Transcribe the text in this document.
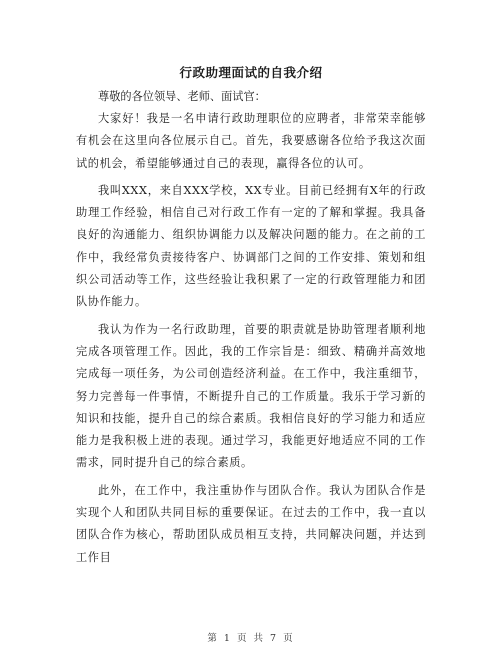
行政助理面试的自我介绍

尊敬的各位领导、老师、面试官：

大家好！我是一名申请行政助理职位的应聘者，非常荣幸能够有机会在这里向各位展示自己。首先，我要感谢各位给予我这次面试的机会，希望能够通过自己的表现，赢得各位的认可。

我叫XXX，来自XXX学校，XX专业。目前已经拥有X年的行政助理工作经验，相信自己对行政工作有一定的了解和掌握。我具备良好的沟通能力、组织协调能力以及解决问题的能力。在之前的工作中，我经常负责接待客户、协调部门之间的工作安排、策划和组织公司活动等工作，这些经验让我积累了一定的行政管理能力和团队协作能力。

我认为作为一名行政助理，首要的职责就是协助管理者顺利地完成各项管理工作。因此，我的工作宗旨是：细致、精确并高效地完成每一项任务，为公司创造经济利益。在工作中，我注重细节，努力完善每一件事情，不断提升自己的工作质量。我乐于学习新的知识和技能，提升自己的综合素质。我相信良好的学习能力和适应能力是我积极上进的表现。通过学习，我能更好地适应不同的工作需求，同时提升自己的综合素质。

此外，在工作中，我注重协作与团队合作。我认为团队合作是实现个人和团队共同目标的重要保证。在过去的工作中，我一直以团队合作为核心，帮助团队成员相互支持，共同解决问题，并达到工作目

第 1 页 共 7 页
